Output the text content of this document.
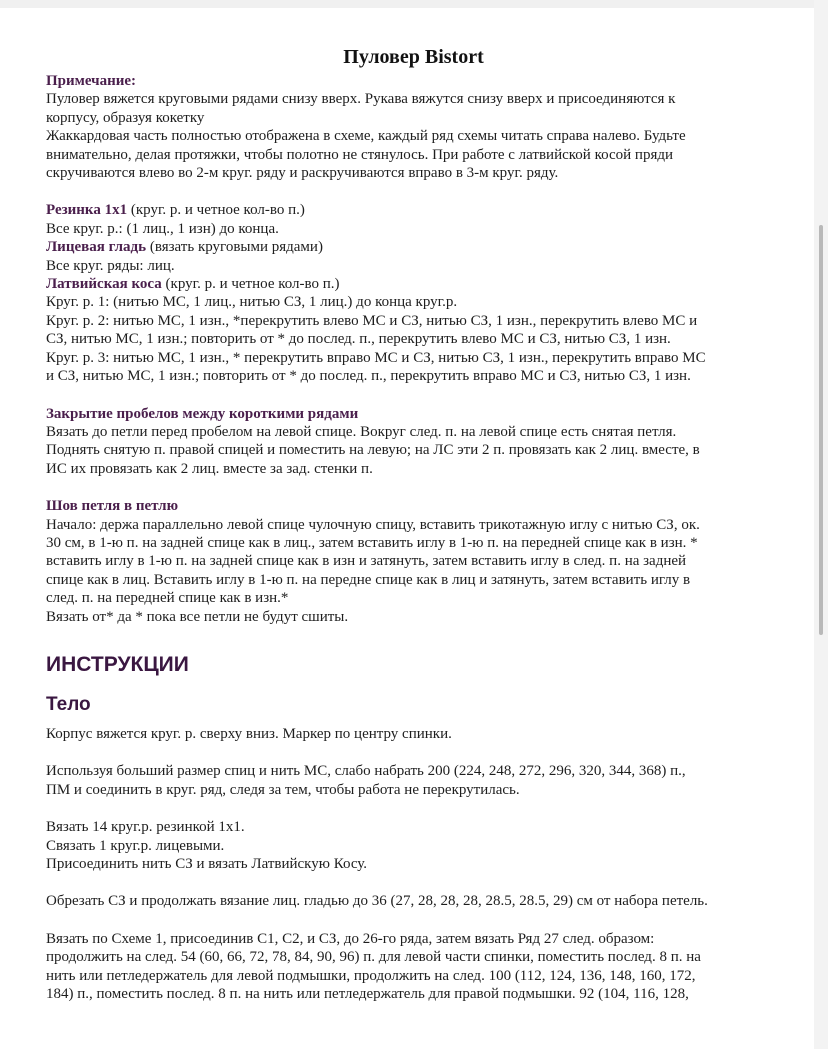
Пуловер Bistort

Примечание:

Пуловер вяжется круговыми рядами снизу вверх. Рукава вяжутся снизу вверх и присоединяются к

корпусу, образуя кокетку

Жаккардовая часть полностью отображена в схеме, каждый ряд схемы читать справа налево. Будьте

внимательно, делая протяжки, чтобы полотно не стянулось. При работе с латвийской косой пряди

скручиваются влево во 2-м круг. ряду и раскручиваются вправо в 3-м круг. ряду.

Резинка 1x1 (круг. р. и четное кол-во п.)

Все круг. р.: (1 лиц., 1 изн) до конца.

Лицевая гладь (вязать круговыми рядами)

Все круг. ряды: лиц.

Латвийская коса (круг. р. и четное кол-во п.)

Круг. р. 1: (нитью МС, 1 лиц., нитью СЗ, 1 лиц.) до конца круг.р.

Круг. р. 2: нитью МС, 1 изн., *перекрутить влево МС и СЗ, нитью СЗ, 1 изн., перекрутить влево МС и

СЗ, нитью МС, 1 изн.; повторить от * до послед. п., перекрутить влево МС и СЗ, нитью СЗ, 1 изн.

Круг. р. 3: нитью МС, 1 изн., * перекрутить вправо МС и СЗ, нитью СЗ, 1 изн., перекрутить вправо МС

и СЗ, нитью МС, 1 изн.; повторить от * до послед. п., перекрутить вправо МС и СЗ, нитью СЗ, 1 изн.

Закрытие пробелов между короткими рядами

Вязать до петли перед пробелом на левой спице. Вокруг след. п. на левой спице есть снятая петля.

Поднять снятую п. правой спицей и поместить на левую; на ЛС эти 2 п. провязать как 2 лиц. вместе, в

ИС их провязать как 2 лиц. вместе за зад. стенки п.

Шов петля в петлю

Начало: держа параллельно левой спице чулочную спицу, вставить трикотажную иглу с нитью СЗ, ок.

30 см, в 1-ю п. на задней спице как в лиц., затем вставить иглу в 1-ю п. на передней спице как в изн. *

вставить иглу в 1-ю п. на задней спице как в изн и затянуть, затем вставить иглу в след. п. на задней

спице как в лиц. Вставить иглу в 1-ю п. на передне спице как в лиц и затянуть, затем вставить иглу в

след. п. на передней спице как в изн.*

Вязать от* да * пока все петли не будут сшиты.

ИНСТРУКЦИИ
Тело

Корпус вяжется круг. р. сверху вниз. Маркер по центру спинки.

Используя больший размер спиц и нить МС, слабо набрать 200 (224, 248, 272, 296, 320, 344, 368) п.,

ПМ и соединить в круг. ряд, следя за тем, чтобы работа не перекрутилась.

Вязать 14 круг.р. резинкой 1x1.

Связать 1 круг.р. лицевыми.

Присоединить нить СЗ и вязать Латвийскую Косу.

Обрезать СЗ и продолжать вязание лиц. гладью до 36 (27, 28, 28, 28, 28.5, 28.5, 29) см от набора петель.

Вязать по Схеме 1, присоединив С1, С2, и СЗ, до 26-го ряда, затем вязать Ряд 27 след. образом:

продолжить на след. 54 (60, 66, 72, 78, 84, 90, 96) п. для левой части спинки, поместить послед. 8 п. на

нить или петледержатель для левой подмышки, продолжить на след. 100 (112, 124, 136, 148, 160, 172,

184) п., поместить послед. 8 п. на нить или петледержатель для правой подмышки. 92 (104, 116, 128,
